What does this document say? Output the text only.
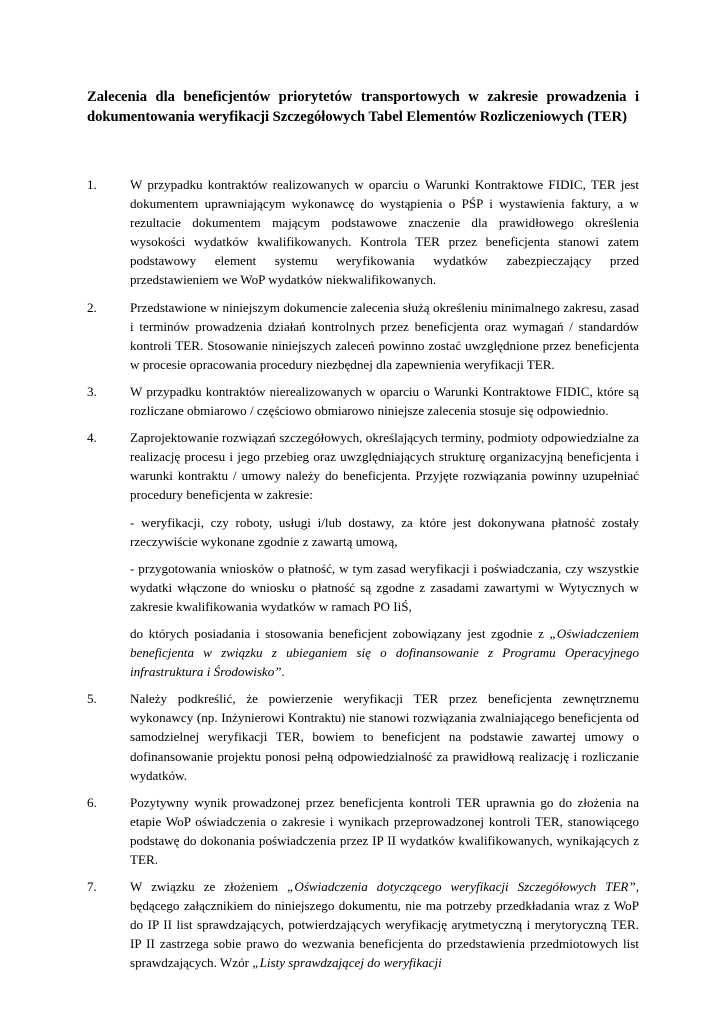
Zalecenia dla beneficjentów priorytetów transportowych w zakresie prowadzenia i dokumentowania weryfikacji Szczegółowych Tabel Elementów Rozliczeniowych (TER)
1.	W przypadku kontraktów realizowanych w oparciu o Warunki Kontraktowe FIDIC, TER jest dokumentem uprawniającym wykonawcę do wystąpienia o PŚP i wystawienia faktury, a w rezultacie dokumentem mającym podstawowe znaczenie dla prawidłowego określenia wysokości wydatków kwalifikowanych. Kontrola TER przez beneficjenta stanowi zatem podstawowy element systemu weryfikowania wydatków zabezpieczający przed przedstawieniem we WoP wydatków niekwalifikowanych.

2.	Przedstawione w niniejszym dokumencie zalecenia służą określeniu minimalnego zakresu, zasad i terminów prowadzenia działań kontrolnych przez beneficjenta oraz wymagań / standardów kontroli TER. Stosowanie niniejszych zaleceń powinno zostać uwzględnione przez beneficjenta w procesie opracowania procedury niezbędnej dla zapewnienia weryfikacji TER.

3.	W przypadku kontraktów nierealizowanych w oparciu o Warunki Kontraktowe FIDIC, które są rozliczane obmiarowo / częściowo obmiarowo niniejsze zalecenia stosuje się odpowiednio.

4.	Zaprojektowanie rozwiązań szczegółowych, określających terminy, podmioty odpowiedzialne za realizację procesu i jego przebieg oraz uwzględniających strukturę organizacyjną beneficjenta i warunki kontraktu / umowy należy do beneficjenta. Przyjęte rozwiązania powinny uzupełniać procedury beneficjenta w zakresie:

- weryfikacji, czy roboty, usługi i/lub dostawy, za które jest dokonywana płatność zostały rzeczywiście wykonane zgodnie z zawartą umową,

- przygotowania wniosków o płatność, w tym zasad weryfikacji i poświadczania, czy wszystkie wydatki włączone do wniosku o płatność są zgodne z zasadami zawartymi w Wytycznych w zakresie kwalifikowania wydatków w ramach PO IiŚ,

do których posiadania i stosowania beneficjent zobowiązany jest zgodnie z „Oświadczeniem beneficjenta w związku z ubieganiem się o dofinansowanie z Programu Operacyjnego infrastruktura i Środowisko”.

5.	Należy podkreślić, że powierzenie weryfikacji TER przez beneficjenta zewnętrznemu wykonawcy (np. Inżynierowi Kontraktu) nie stanowi rozwiązania zwalniającego beneficjenta od samodzielnej weryfikacji TER, bowiem to beneficjent na podstawie zawartej umowy o dofinansowanie projektu ponosi pełną odpowiedzialność za prawidłową realizację i rozliczanie wydatków.

6.	Pozytywny wynik prowadzonej przez beneficjenta kontroli TER uprawnia go do złożenia na etapie WoP oświadczenia o zakresie i wynikach przeprowadzonej kontroli TER, stanowiącego podstawę do dokonania poświadczenia przez IP II wydatków kwalifikowanych, wynikających z TER.

7.	W związku ze złożeniem „Oświadczenia dotyczącego weryfikacji Szczegółowych TER”, będącego załącznikiem do niniejszego dokumentu, nie ma potrzeby przedkładania wraz z WoP do IP II list sprawdzających, potwierdzających weryfikację arytmetyczną i merytoryczną TER. IP II zastrzega sobie prawo do wezwania beneficjenta do przedstawienia przedmiotowych list sprawdzających. Wzór „Listy sprawdzającej do weryfikacji
